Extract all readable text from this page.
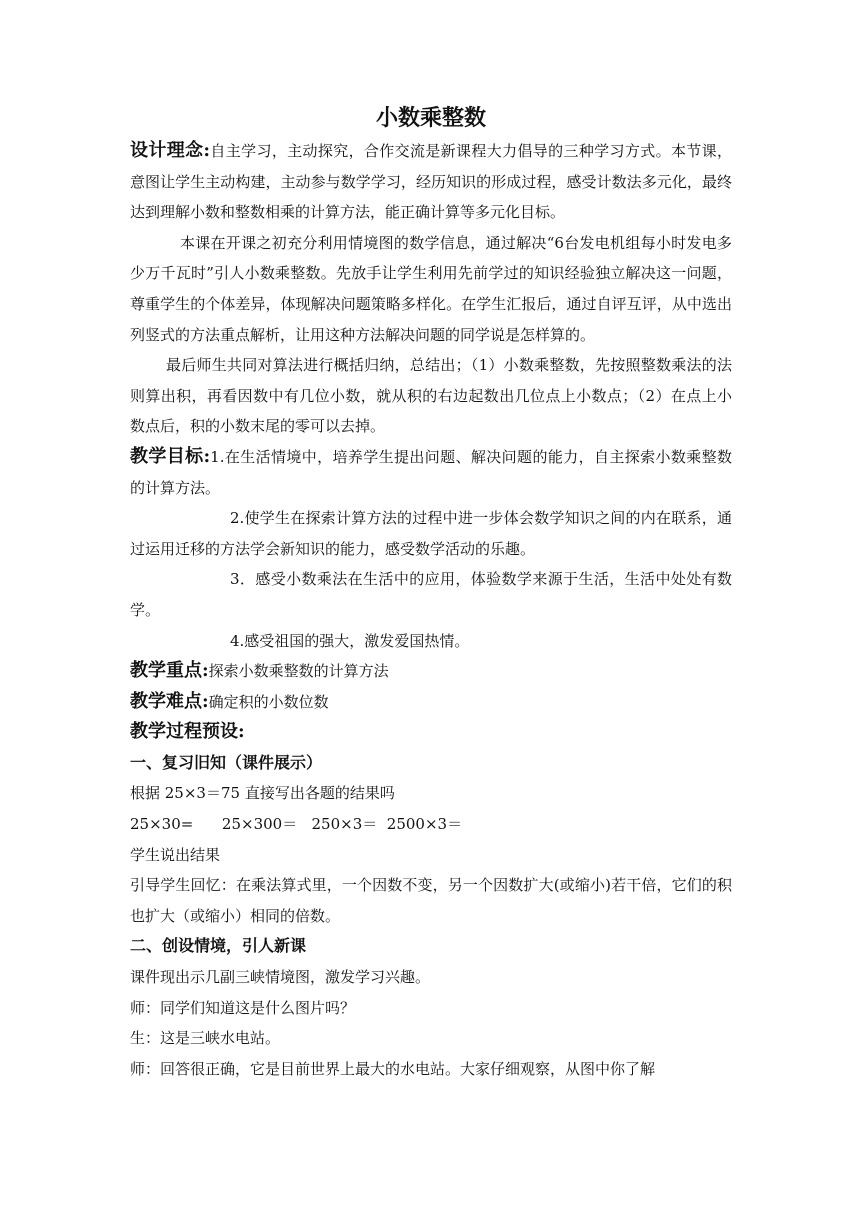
小数乘整数

设计理念:自主学习，主动探究，合作交流是新课程大力倡导的三种学习方式。本节课，意图让学生主动构建，主动参与数学学习，经历知识的形成过程，感受计数法多元化，最终达到理解小数和整数相乘的计算方法，能正确计算等多元化目标。

本课在开课之初充分利用情境图的数学信息，通过解决“6台发电机组每小时发电多少万千瓦时”引人小数乘整数。先放手让学生利用先前学过的知识经验独立解决这一问题，尊重学生的个体差异，体现解决问题策略多样化。在学生汇报后，通过自评互评，从中选出列竖式的方法重点解析，让用这种方法解决问题的同学说是怎样算的。

最后师生共同对算法进行概括归纳，总结出；（1）小数乘整数，先按照整数乘法的法则算出积，再看因数中有几位小数，就从积的右边起数出几位点上小数点；（2）在点上小数点后，积的小数末尾的零可以去掉。

教学目标:1.在生活情境中，培养学生提出问题、解决问题的能力，自主探索小数乘整数的计算方法。

2.使学生在探索计算方法的过程中进一步体会数学知识之间的内在联系，通过运用迁移的方法学会新知识的能力，感受数学活动的乐趣。

3．感受小数乘法在生活中的应用，体验数学来源于生活，生活中处处有数学。

4.感受祖国的强大，激发爱国热情。

教学重点:探索小数乘整数的计算方法

教学难点:确定积的小数位数

教学过程预设:

一、复习旧知（课件展示）

根据 25×3＝75 直接写出各题的结果吗

25×30=      25×300＝   250×3＝  2500×3＝

学生说出结果

引导学生回忆：在乘法算式里，一个因数不变，另一个因数扩大(或缩小)若干倍，它们的积也扩大（或缩小）相同的倍数。

二、创设情境，引人新课

课件现出示几副三峡情境图，激发学习兴趣。

师：同学们知道这是什么图片吗？

生：这是三峡水电站。

师：回答很正确，它是目前世界上最大的水电站。大家仔细观察，从图中你了解
